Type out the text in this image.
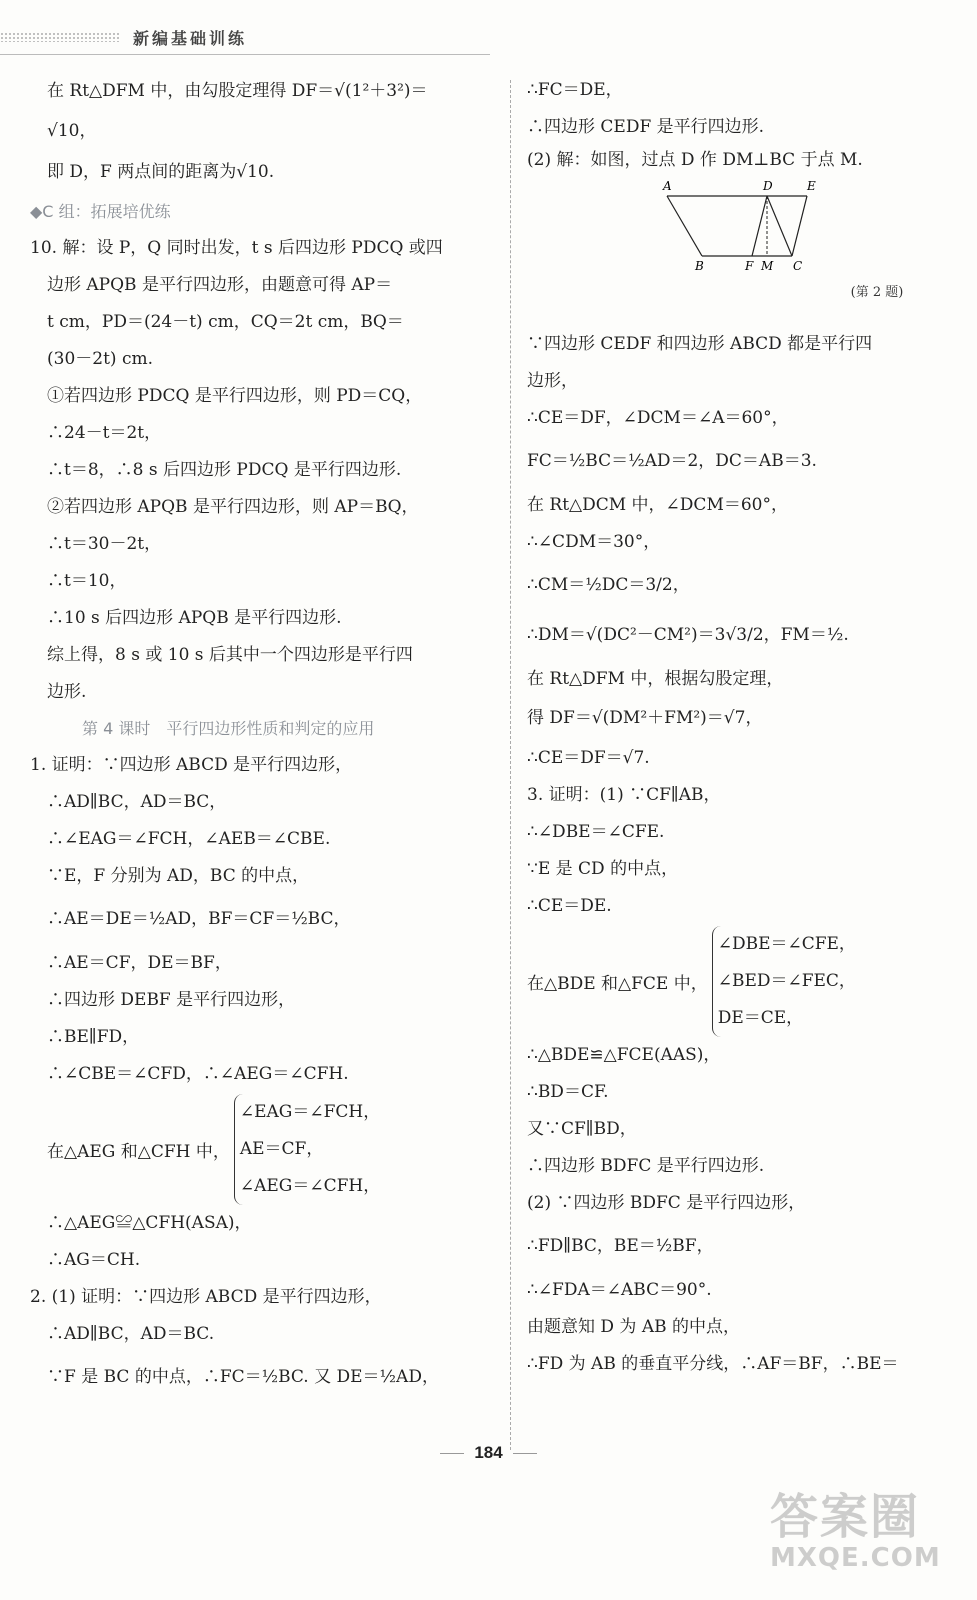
新编基础训练
　在 Rt△DFM 中，由勾股定理得 DF＝√(1²＋3²)＝
　√10，
　即 D，F 两点间的距离为√10.
◆C 组：拓展培优练
10. 解：设 P，Q 同时出发，t s 后四边形 PDCQ 或四
　边形 APQB 是平行四边形，由题意可得 AP＝
　t cm，PD＝(24－t) cm，CQ＝2t cm，BQ＝
　(30－2t) cm.
　①若四边形 PDCQ 是平行四边形，则 PD＝CQ，
　∴24－t＝2t，
　∴t＝8，∴8 s 后四边形 PDCQ 是平行四边形.
　②若四边形 APQB 是平行四边形，则 AP＝BQ，
　∴t＝30－2t，
　∴t＝10，
　∴10 s 后四边形 APQB 是平行四边形.
　综上得，8 s 或 10 s 后其中一个四边形是平行四
　边形.
第 4 课时　平行四边形性质和判定的应用
1. 证明：∵四边形 ABCD 是平行四边形，
　∴AD∥BC，AD＝BC，
　∴∠EAG＝∠FCH，∠AEB＝∠CBE.
　∵E，F 分别为 AD，BC 的中点，
　∴AE＝DE＝½AD，BF＝CF＝½BC，
　∴AE＝CF，DE＝BF，
　∴四边形 DEBF 是平行四边形，
　∴BE∥FD，
　∴∠CBE＝∠CFD，∴∠AEG＝∠CFH.
　在△AEG 和△CFH 中，
∠EAG＝∠FCH，
AE＝CF，
∠AEG＝∠CFH，
　∴△AEG≌△CFH(ASA)，
　∴AG＝CH.
2. (1) 证明：∵四边形 ABCD 是平行四边形，
　∴AD∥BC，AD＝BC.
　∵F 是 BC 的中点，∴FC＝½BC. 又 DE＝½AD，
∴FC＝DE，
∴四边形 CEDF 是平行四边形.
(2) 解：如图，过点 D 作 DM⊥BC 于点 M.
A	D	E
B	F M C
(第 2 题)
∵四边形 CEDF 和四边形 ABCD 都是平行四
边形，
∴CE＝DF，∠DCM＝∠A＝60°，
FC＝½BC＝½AD＝2，DC＝AB＝3.
在 Rt△DCM 中，∠DCM＝60°，
∴∠CDM＝30°，
∴CM＝½DC＝3/2，
∴DM＝√(DC²－CM²)＝3√3/2，FM＝½.
在 Rt△DFM 中，根据勾股定理，
得 DF＝√(DM²＋FM²)＝√7，
∴CE＝DF＝√7.
3. 证明：(1) ∵CF∥AB，
∴∠DBE＝∠CFE.
∵E 是 CD 的中点，
∴CE＝DE.
在△BDE 和△FCE 中，
∠DBE＝∠CFE，
∠BED＝∠FEC，
DE＝CE，
∴△BDE≌△FCE(AAS)，
∴BD＝CF.
又∵CF∥BD，
∴四边形 BDFC 是平行四边形.
(2) ∵四边形 BDFC 是平行四边形，
∴FD∥BC，BE＝½BF，
∴∠FDA＝∠ABC＝90°.
由题意知 D 为 AB 的中点，
∴FD 为 AB 的垂直平分线，∴AF＝BF，∴BE＝
184
答案圈
MXQE.COM
